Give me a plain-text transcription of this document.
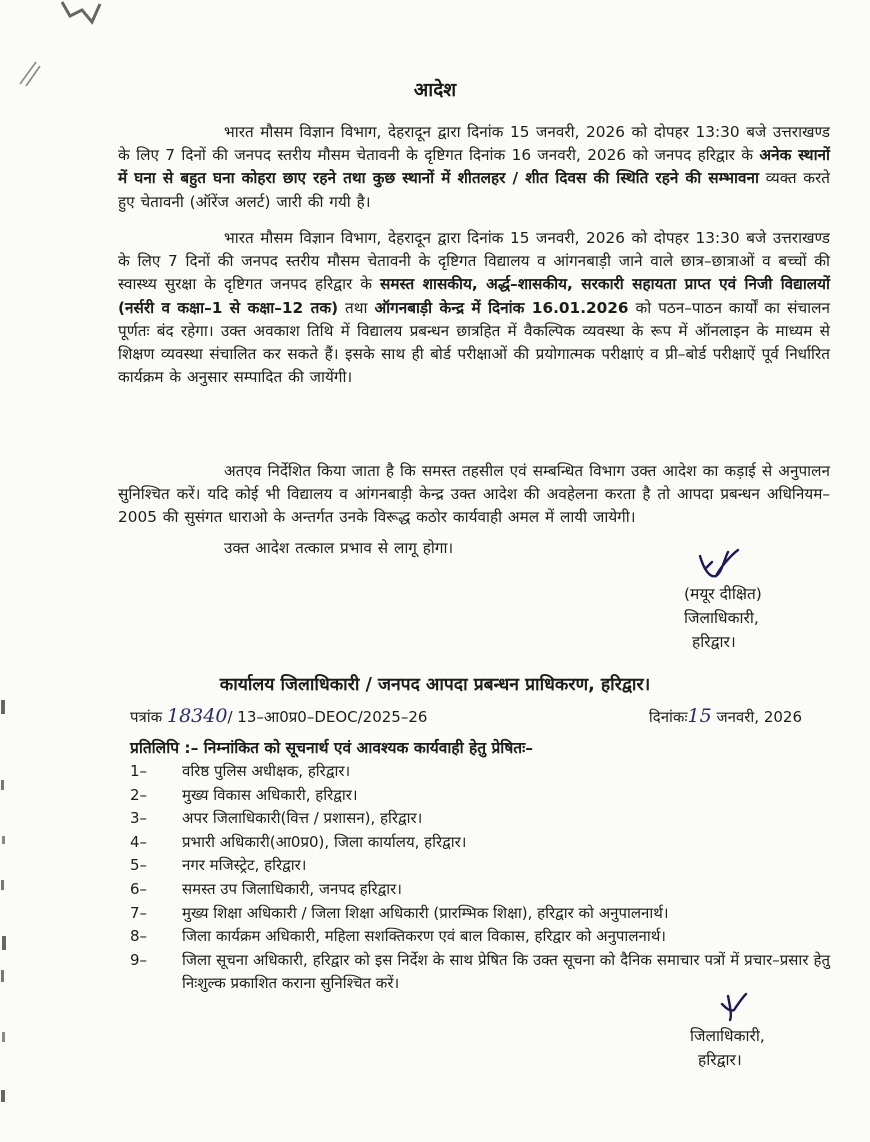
आदेश
भारत मौसम विज्ञान विभाग, देहरादून द्वारा दिनांक 15 जनवरी, 2026 को दोपहर 13:30 बजे उत्तराखण्ड के लिए 7 दिनों की जनपद स्तरीय मौसम चेतावनी के दृष्टिगत दिनांक 16 जनवरी, 2026 को जनपद हरिद्वार के अनेक स्थानों में घना से बहुत घना कोहरा छाए रहने तथा कुछ स्थानों में शीतलहर / शीत दिवस की स्थिति रहने की सम्भावना व्यक्त करते हुए चेतावनी (ऑरेंज अलर्ट) जारी की गयी है।
भारत मौसम विज्ञान विभाग, देहरादून द्वारा दिनांक 15 जनवरी, 2026 को दोपहर 13:30 बजे उत्तराखण्ड के लिए 7 दिनों की जनपद स्तरीय मौसम चेतावनी के दृष्टिगत विद्यालय व आंगनबाड़ी जाने वाले छात्र–छात्राओं व बच्चों की स्वास्थ्य सुरक्षा के दृष्टिगत जनपद हरिद्वार के समस्त शासकीय, अर्द्ध–शासकीय, सरकारी सहायता प्राप्त एवं निजी विद्यालयों (नर्सरी व कक्षा–1 से कक्षा–12 तक) तथा ऑगनबाड़ी केन्द्र में दिनांक 16.01.2026 को पठन–पाठन कार्यों का संचालन पूर्णतः बंद रहेगा। उक्त अवकाश तिथि में विद्यालय प्रबन्धन छात्रहित में वैकल्पिक व्यवस्था के रूप में ऑनलाइन के माध्यम से शिक्षण व्यवस्था संचालित कर सकते हैं। इसके साथ ही बोर्ड परीक्षाओं की प्रयोगात्मक परीक्षाएं व प्री–बोर्ड परीक्षाऐं पूर्व निर्धारित कार्यक्रम के अनुसार सम्पादित की जायेंगी।
अतएव निर्देशित किया जाता है कि समस्त तहसील एवं सम्बन्धित विभाग उक्त आदेश का कड़ाई से अनुपालन सुनिश्चित करें। यदि कोई भी विद्यालय व आंगनबाड़ी केन्द्र उक्त आदेश की अवहेलना करता है तो आपदा प्रबन्धन अधिनियम–2005 की सुसंगत धाराओ के अन्तर्गत उनके विरूद्ध कठोर कार्यवाही अमल में लायी जायेगी।
उक्त आदेश तत्काल प्रभाव से लागू होगा।
(मयूर दीक्षित)
जिलाधिकारी,
हरिद्वार।
कार्यालय जिलाधिकारी / जनपद आपदा प्रबन्धन प्राधिकरण, हरिद्वार।
पत्रांक 18340/ 13–आ0प्र0–DEOC/2025–26	दिनांकः15 जनवरी, 2026
प्रतिलिपि :– निम्नांकित को सूचनार्थ एवं आवश्यक कार्यवाही हेतु प्रेषितः–
1–	वरिष्ठ पुलिस अधीक्षक, हरिद्वार।
2–	मुख्य विकास अधिकारी, हरिद्वार।
3–	अपर जिलाधिकारी(वित्त / प्रशासन), हरिद्वार।
4–	प्रभारी अधिकारी(आ0प्र0), जिला कार्यालय, हरिद्वार।
5–	नगर मजिस्ट्रेट, हरिद्वार।
6–	समस्त उप जिलाधिकारी, जनपद हरिद्वार।
7–	मुख्य शिक्षा अधिकारी / जिला शिक्षा अधिकारी (प्रारम्भिक शिक्षा), हरिद्वार को अनुपालनार्थ।
8–	जिला कार्यक्रम अधिकारी, महिला सशक्तिकरण एवं बाल विकास, हरिद्वार को अनुपालनार्थ।
9–	जिला सूचना अधिकारी, हरिद्वार को इस निर्देश के साथ प्रेषित कि उक्त सूचना को दैनिक समाचार पत्रों में प्रचार–प्रसार हेतु निःशुल्क प्रकाशित कराना सुनिश्चित करें।
जिलाधिकारी,
हरिद्वार।
